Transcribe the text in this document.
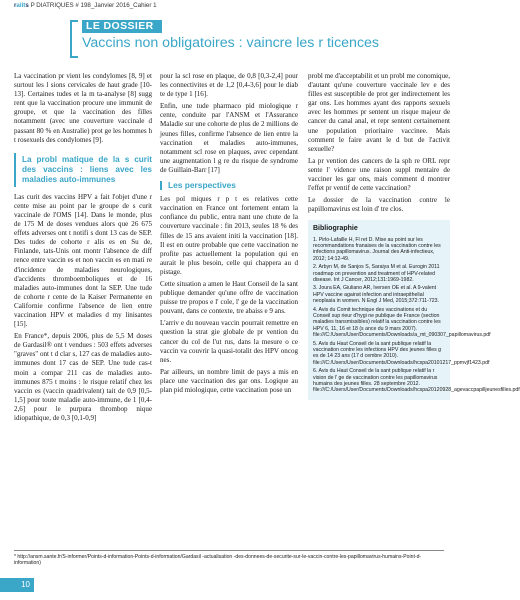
ralits P DIATRIQUES # 198_Janvier 2016_Cahier 1
LE DOSSIER
Vaccins non obligatoires : vaincre les r ticences

La vaccination pr vient les condylomes [8, 9] et surtout les l sions cervicales de haut grade [10-13]. Certaines tudes et la m ta-analyse [8] sugg rent que la vaccination procure une immunit de groupe, et que la vaccination des filles notamment (avec une couverture vaccinale d passant 80 % en Australie) prot ge les hommes h t rosexuels des condylomes [9].

La probl matique de la s curit des vaccins : liens avec les maladies auto-immunes

Las curit des vaccins HPV a fait l'objet d'une r cente mise au point par le groupe de s curit vaccinale de l'OMS [14]. Dans le monde, plus de 175 M de doses vendues alors que 26 675 effets adverses ont t notifi s dont 13 cas de SEP. Des tudes de cohorte r alis es en Su de, Finlande, tats-Unis ont montr l'absence de diff rence entre vaccin es et non vaccin es en mati re d'incidence de maladies neurologiques, d'accidents thromboemboliques et de 16 maladies auto-immunes dont la SEP. Une tude de cohorte r cente de la Kaiser Permanente en Californie confirme l'absence de lien entre vaccination HPV et maladies d my linisantes [15].

En France*, depuis 2006, plus de 5,5 M doses de Gardasil® ont t vendues : 503 effets adverses "graves" ont t d clar s, 127 cas de maladies auto-immunes dont 17 cas de SEP. Une tude cas-t moin a compar 211 cas de maladies auto-immunes 875 t moins : le risque relatif chez les vaccin es (vaccin quadrivalent) tait de 0,9 [0,5-1,5] pour toute maladie auto-immune, de 1 [0,4-2,6] pour le purpura thrombop nique idiopathique, de 0,3 [0,1-0,9]

pour la scl rose en plaque, de 0,8 [0,3-2,4] pour les connectivites et de 1,2 [0,4-3,6] pour le diab te de type 1 [16].

Enfin, une tude pharmaco pid miologique r cente, conduite par l'ANSM et l'Assurance Maladie sur une cohorte de plus de 2 millions de jeunes filles, confirme l'absence de lien entre la vaccination et maladies auto-immunes, notamment scl rose en plaques, avec cependant une augmentation l g re du risque de syndrome de Guillain-Barr [17]

Les perspectives

Les pol miques r p t es relatives cette vaccination en France ont fortement entam la confiance du public, entra nant une chute de la couverture vaccinale : fin 2013, seules 18 % des filles de 15 ans avaient initi la vaccination [18]. Il est en outre probable que cette vaccination ne profite pas actuellement la population qui en aurait le plus besoin, celle qui chappera au d pistage.

Cette situation a amen le Haut Conseil de la sant publique demander qu'une offre de vaccination puisse tre propos e l' cole, l' ge de la vaccination pouvant, dans ce contexte, tre abaiss e 9 ans.

L'arriv e du nouveau vaccin pourrait remettre en question la strat gie globale de pr vention du cancer du col de l'ut rus, dans la mesure o ce vaccin va couvrir la quasi-totalit des HPV oncog nes.

Par ailleurs, un nombre limit de pays a mis en place une vaccination des gar ons. Logique au plan pid miologique, cette vaccination pose un

probl me d'acceptabilit et un probl me conomique, d'autant qu'une couverture vaccinale lev e des filles est susceptible de prot ger indirectement les gar ons. Les hommes ayant des rapports sexuels avec les hommes pr sentent un risque majeur de cancer du canal anal, et repr sentent certainement une population prioritaire vaccinee. Mais comment le faire avant le d but de l'activit sexuelle?

La pr vention des cancers de la sph re ORL repr sente l' vidence une raison suppl mentaire de vacciner les gar ons, mais comment d montrer l'effet pr ventif de cette vaccination?

Le dossier de la vaccination contre le papillomavirus est loin d' tre clos.

Bibliographie
1. Pirlo-Lafaille H, Fl ret D. Mise au point sur les recommandations franaises de la vaccination contre les infections papillomavirus. Journal des Anti-infectieux, 2012; 14:12-49.
2. Arbyn M, de Sanjos S, Saraiya M et al. Eurogin 2011 roadmap on prevention and treatment of HPV-related disease. Int J Cancer, 2012;131:1969-1982.
3. Joura EA, Giuliano AR, Iversen OE et al. A 9-valent HPV vaccine against infection and intraepithelial neoplasia in women. N Engl J Med, 2015;372:711-723.
4. Avis du Comit technique des vaccinations et du Conseil sup rieur d'hygi ne publique de France (section maladies transmissibles) relatif la vaccination contre les HPV 6, 11, 16 et 18 (s ance du 9 mars 2007). file:///C:/Users/User/Documents/Downloads/a_mt_090307_papillomavirus.pdf
5. Avis du Haut Conseil de la sant publique relatif la vaccination contre les infections HPV des jeunes filles g es de 14 23 ans (17 d cembre 2010). file:///C:/Users/User/Documents/Downloads/hcspa20101217_ppmvjf1423.pdf
6. Avis du Haut Conseil de la sant publique relatif la r vision de l' ge de vaccination contre les papillomavirus humains des jeunes filles. 28 septembre 2012. file:///C:/Users/User/Documents/Downloads/hcspa20120928_agevaccpapilljeunesfilles.pdf
* http://ansm.sante.fr/S-informer/Points-d-information-Points-d-information/Gardasil -actualisation -des-donnees-de-securite-sur-le-vaccin-contre-les-papillomavirus-humains-Point-d-information)
10
